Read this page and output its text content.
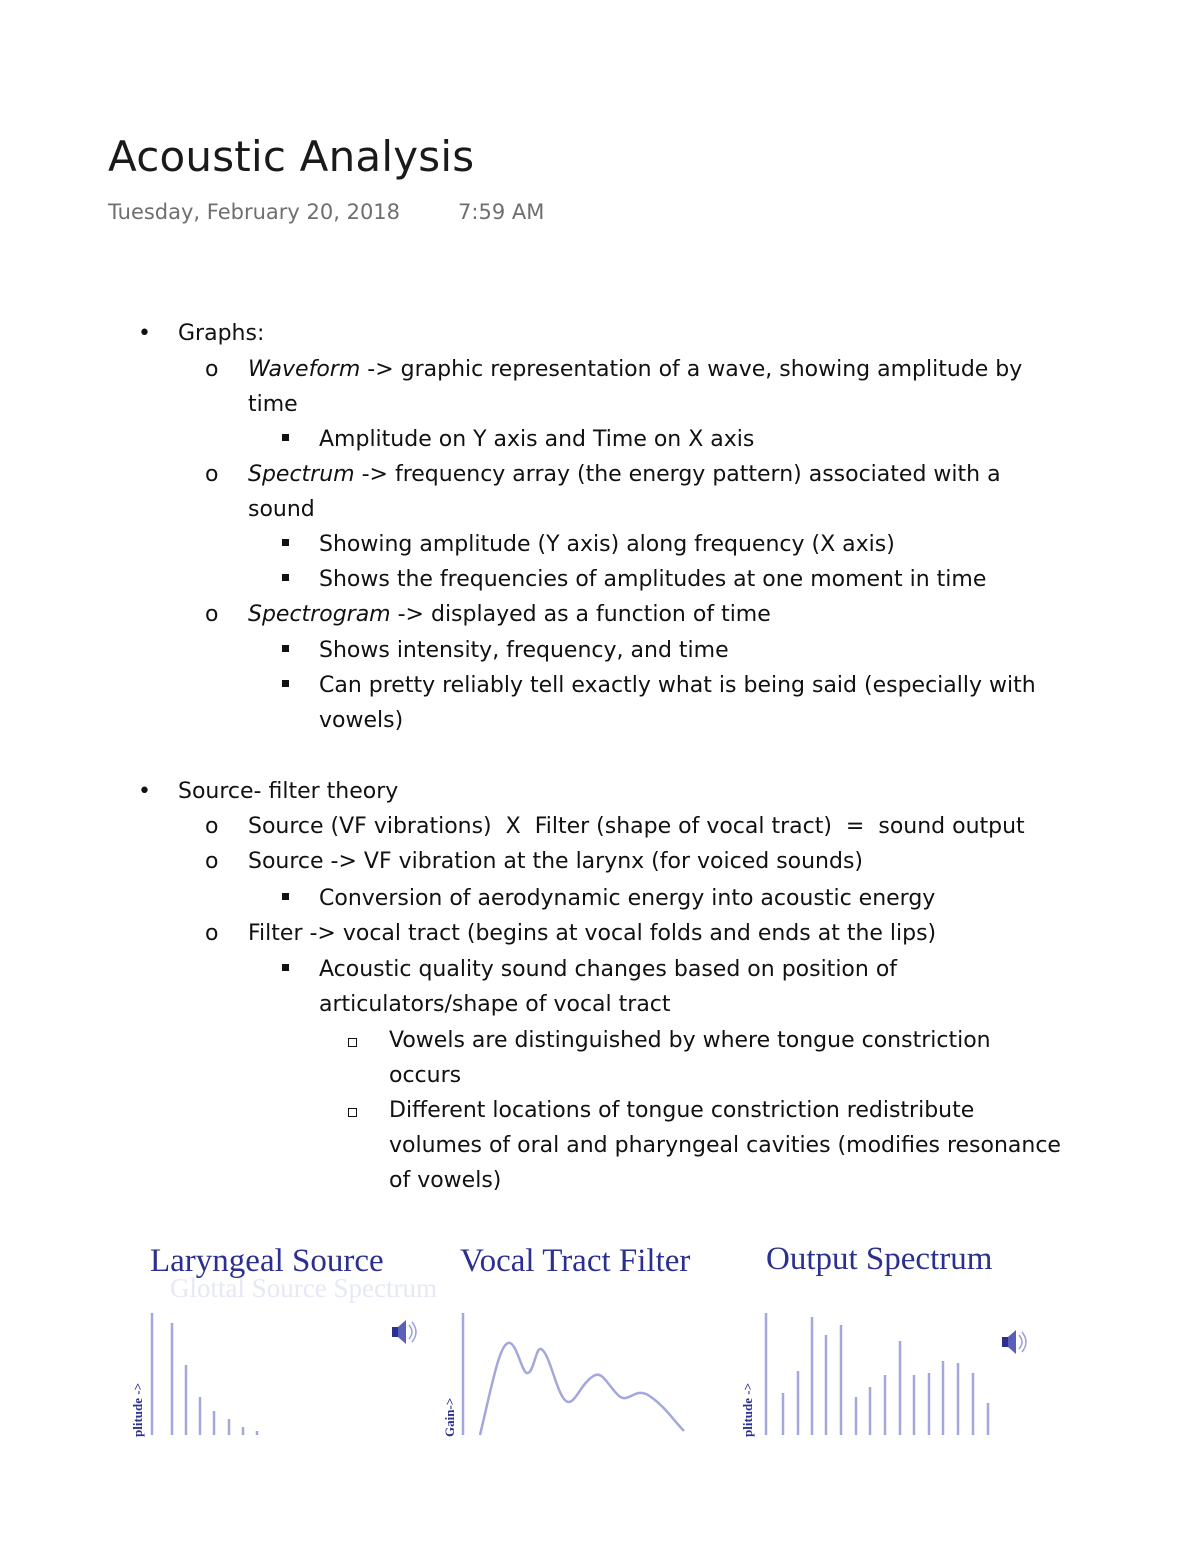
Acoustic Analysis
Tuesday, February 20, 2018	7:59 AM
• Graphs:
o Waveform -> graphic representation of a wave, showing amplitude by
time
Amplitude on Y axis and Time on X axis
o Spectrum -> frequency array (the energy pattern) associated with a
sound
Showing amplitude (Y axis) along frequency (X axis)
Shows the frequencies of amplitudes at one moment in time
o Spectrogram -> displayed as a function of time
Shows intensity, frequency, and time
Can pretty reliably tell exactly what is being said (especially with
vowels)
• Source- filter theory
o Source (VF vibrations)  X  Filter (shape of vocal tract)  =  sound output
o Source -> VF vibration at the larynx (for voiced sounds)
Conversion of aerodynamic energy into acoustic energy
o Filter -> vocal tract (begins at vocal folds and ends at the lips)
Acoustic quality sound changes based on position of
articulators/shape of vocal tract
Vowels are distinguished by where tongue constriction
occurs
Different locations of tongue constriction redistribute
volumes of oral and pharyngeal cavities (modifies resonance
of vowels)
Glottal Source Spectrum
Laryngeal Source Vocal Tract Filter Output Spectrum
plitude ->	Gain->	plitude ->
